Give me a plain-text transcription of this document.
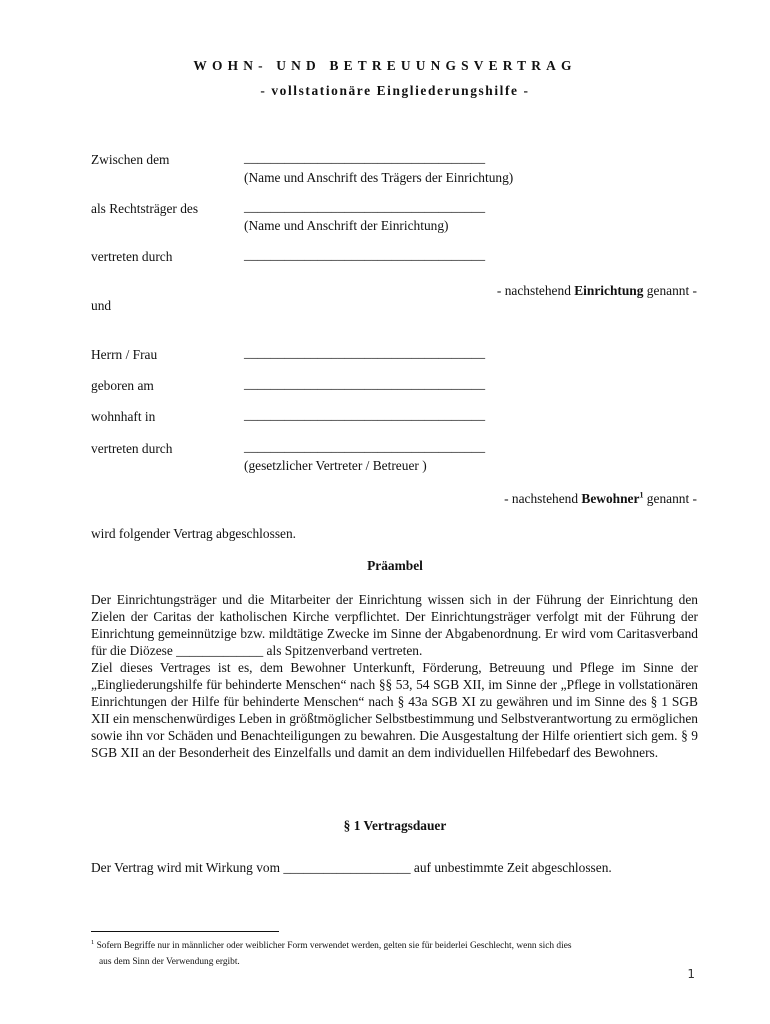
WOHN- UND BETREUUNGSVERTRAG
- vollstationäre Eingliederungshilfe -
Zwischen dem	____________________________________
(Name und Anschrift des Trägers der Einrichtung)
als Rechtsträger des	____________________________________
(Name und Anschrift der Einrichtung)
vertreten durch	____________________________________
- nachstehend Einrichtung genannt -
und
Herrn / Frau	____________________________________
geboren am	____________________________________
wohnhaft in	____________________________________
vertreten durch	____________________________________
(gesetzlicher Vertreter / Betreuer )
- nachstehend Bewohner$^1$ genannt -
wird folgender Vertrag abgeschlossen.
Präambel

Der Einrichtungsträger und die Mitarbeiter der Einrichtung wissen sich in der Führung der Einrichtung den Zielen der Caritas der katholischen Kirche verpflichtet. Der Einrichtungsträger verfolgt mit der Führung der Einrichtung gemeinnützige bzw. mildtätige Zwecke im Sinne der Abgabenordnung. Er wird vom Caritasverband für die Diözese _____________ als Spitzenverband vertreten.

Ziel dieses Vertrages ist es, dem Bewohner Unterkunft, Förderung, Betreuung und Pflege im Sinne der „Eingliederungshilfe für behinderte Menschen“ nach §§ 53, 54 SGB XII, im Sinne der „Pflege in vollstationären Einrichtungen der Hilfe für behinderte Menschen“ nach § 43a SGB XI zu gewähren und im Sinne des § 1 SGB XII ein menschenwürdiges Leben in größtmöglicher Selbstbestimmung und Selbstverantwortung zu ermöglichen sowie ihn vor Schäden und Benachteiligungen zu bewahren. Die Ausgestaltung der Hilfe orientiert sich gem. § 9 SGB XII an der Besonderheit des Einzelfalls und damit an dem individuellen Hilfebedarf des Bewohners.

§ 1 Vertragsdauer

Der Vertrag wird mit Wirkung vom ___________________ auf unbestimmte Zeit abgeschlossen.

$^1$ Sofern Begriffe nur in männlicher oder weiblicher Form verwendet werden, gelten sie für beiderlei Geschlecht, wenn sich dies
aus dem Sinn der Verwendung ergibt.
1
